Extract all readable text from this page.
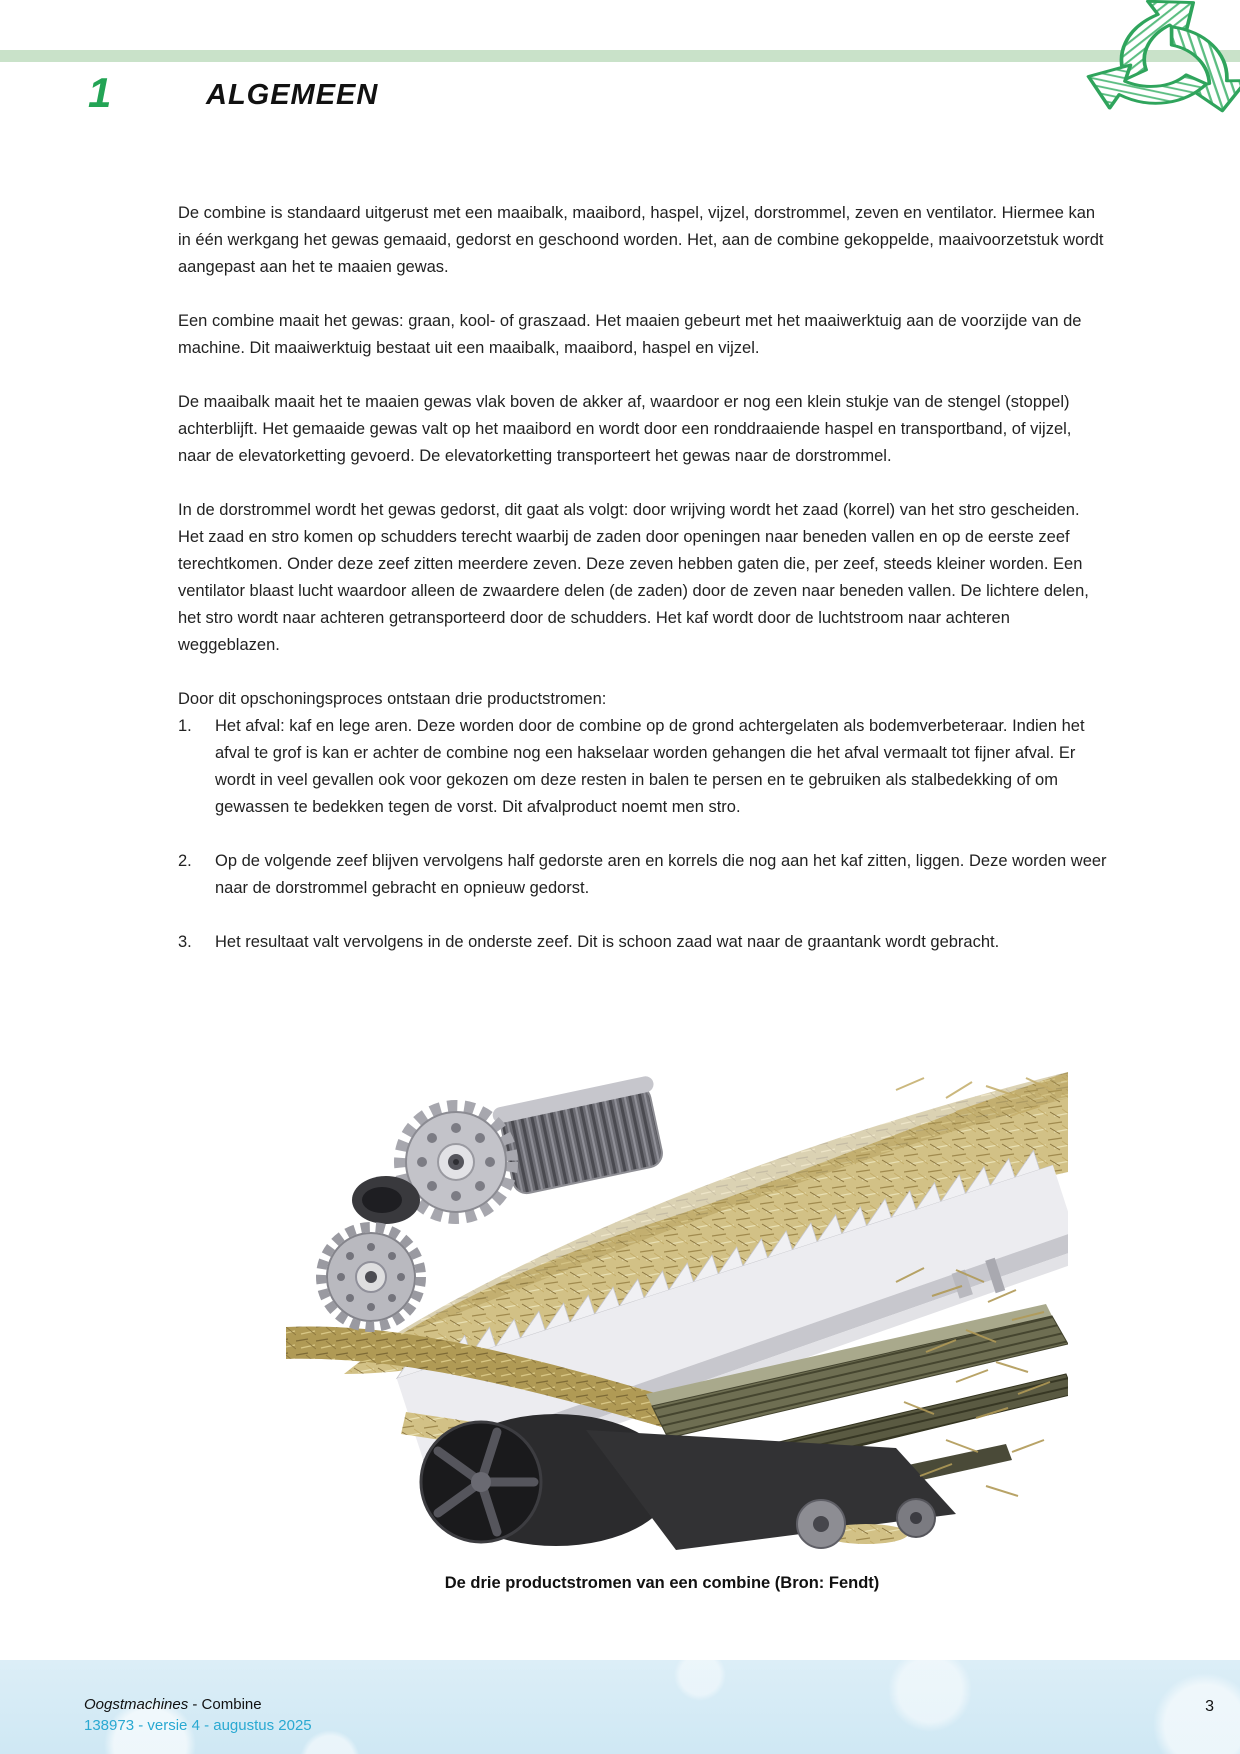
1	ALGEMEEN

De combine is standaard uitgerust met een maaibalk, maaibord, haspel, vijzel, dorstrommel, zeven en ventilator. Hiermee kan in één werkgang het gewas gemaaid, gedorst en geschoond worden. Het, aan de combine gekoppelde, maaivoorzetstuk wordt aangepast aan het te maaien gewas.

Een combine maait het gewas: graan, kool- of graszaad. Het maaien gebeurt met het maaiwerktuig aan de voorzijde van de machine. Dit maaiwerktuig bestaat uit een maaibalk, maaibord, haspel en vijzel.

De maaibalk maait het te maaien gewas vlak boven de akker af, waardoor er nog een klein stukje van de stengel (stoppel) achterblijft. Het gemaaide gewas valt op het maaibord en wordt door een ronddraaiende haspel en transportband, of vijzel, naar de elevatorketting gevoerd. De elevatorketting transporteert het gewas naar de dorstrommel.

In de dorstrommel wordt het gewas gedorst, dit gaat als volgt: door wrijving wordt het zaad (korrel) van het stro gescheiden. Het zaad en stro komen op schudders terecht waarbij de zaden door openingen naar beneden vallen en op de eerste zeef terechtkomen. Onder deze zeef zitten meerdere zeven. Deze zeven hebben gaten die, per zeef, steeds kleiner worden. Een ventilator blaast lucht waardoor alleen de zwaardere delen (de zaden) door de zeven naar beneden vallen. De lichtere delen, het stro wordt naar achteren getransporteerd door de schudders. Het kaf wordt door de luchtstroom naar achteren weggeblazen.

Door dit opschoningsproces ontstaan drie productstromen:

1.	Het afval: kaf en lege aren. Deze worden door de combine op de grond achtergelaten als bodemverbeteraar. Indien het afval te grof is kan er achter de combine nog een hakselaar worden gehangen die het afval vermaalt tot fijner afval. Er wordt in veel gevallen ook voor gekozen om deze resten in balen te persen en te gebruiken als stalbedekking of om gewassen te bedekken tegen de vorst. Dit afvalproduct noemt men stro.
2.	Op de volgende zeef blijven vervolgens half gedorste aren en korrels die nog aan het kaf zitten, liggen. Deze worden weer naar de dorstrommel gebracht en opnieuw gedorst.
3.	Het resultaat valt vervolgens in de onderste zeef. Dit is schoon zaad wat naar de graantank wordt gebracht.
De drie productstromen van een combine (Bron: Fendt)
Oogstmachines - Combine
138973 - versie 4 - augustus 2025
3
